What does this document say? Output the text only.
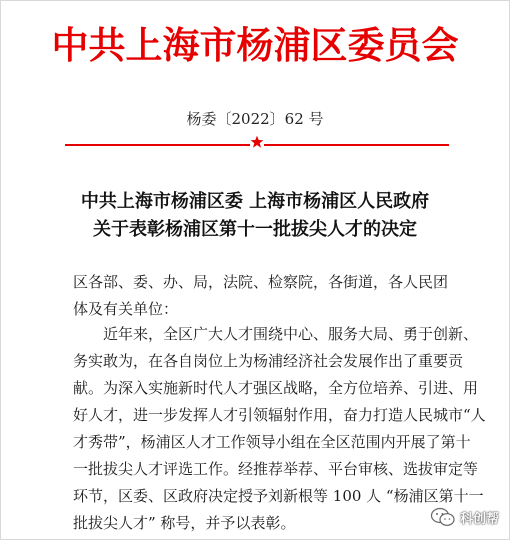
中共上海市杨浦区委员会
杨委〔2022〕62 号
中共上海市杨浦区委 上海市杨浦区人民政府
关于表彰杨浦区第十一批拔尖人才的决定
区各部、委、办、局，法院、检察院，各街道，各人民团
体及有关单位：
　　近年来，全区广大人才围绕中心、服务大局、勇于创新、
务实敢为，在各自岗位上为杨浦经济社会发展作出了重要贡
献。为深入实施新时代人才强区战略，全方位培养、引进、用
好人才，进一步发挥人才引领辐射作用，奋力打造人民城市“人
才秀带”，杨浦区人才工作领导小组在全区范围内开展了第十
一批拔尖人才评选工作。经推荐举荐、平台审核、选拔审定等
环节，区委、区政府决定授予刘新根等 100 人 “杨浦区第十一
批拔尖人才” 称号，并予以表彰。	科创帮
